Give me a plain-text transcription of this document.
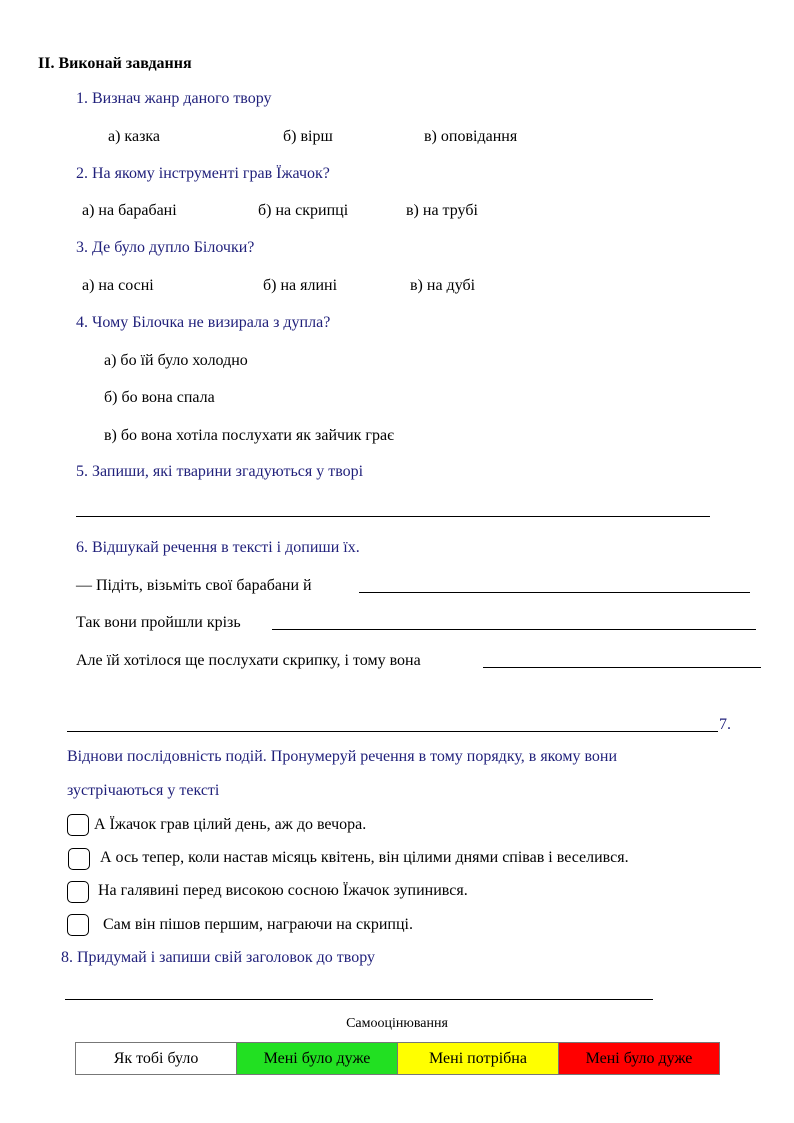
II. Виконай завдання
1. Визнач жанр даного твору
а) казка	б) вірш	в) оповідання
2. На якому інструменті грав Їжачок?
а) на барабані	б) на скрипці	в) на трубі
3. Де було дупло Білочки?
а) на сосні	б) на ялині	в) на дубі
4. Чому Білочка не визирала з дупла?
а) бо їй було холодно
б) бо вона спала
в) бо вона хотіла послухати як зайчик грає
5. Запиши, які тварини згадуються у творі
6. Відшукай речення в тексті і допиши їх.
— Підіть, візьміть свої барабани й
Так вони пройшли крізь
Але їй хотілося ще послухати скрипку, і тому вона
7.
Віднови послідовність подій. Пронумеруй речення в тому порядку, в якому вони
зустрічаються у тексті
А Їжачок грав цілий день, аж до вечора.
А ось тепер, коли настав місяць квітень, він цілими днями співав і веселився.
На галявині перед високою сосною Їжачок зупинився.
Сам він пішов першим, награючи на скрипці.
8. Придумай і запиши свій заголовок до твору
Самооцінювання
Як тобі було	Мені було дуже	Мені потрібна	Мені було дуже
